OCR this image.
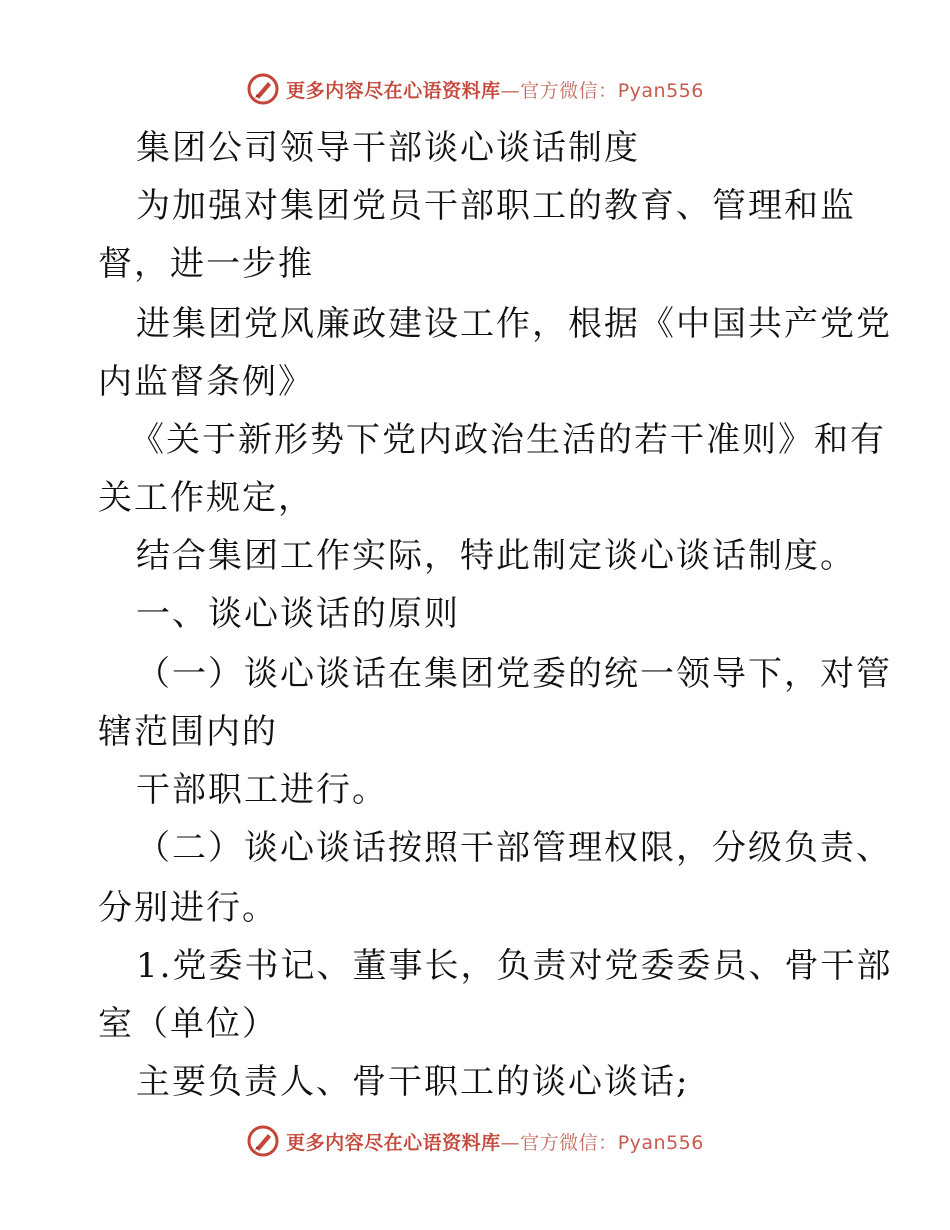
更多内容尽在心语资料库—官方微信：Pyan556
集团公司领导干部谈心谈话制度
为加强对集团党员干部职工的教育、管理和监
督，进一步推
进集团党风廉政建设工作，根据《中国共产党党
内监督条例》
《关于新形势下党内政治生活的若干准则》和有
关工作规定，
结合集团工作实际，特此制定谈心谈话制度。
一、谈心谈话的原则
（一）谈心谈话在集团党委的统一领导下，对管
辖范围内的
干部职工进行。
（二）谈心谈话按照干部管理权限，分级负责、
分别进行。
1.党委书记、董事长，负责对党委委员、骨干部
室（单位）
主要负责人、骨干职工的谈心谈话;
更多内容尽在心语资料库—官方微信：Pyan556
